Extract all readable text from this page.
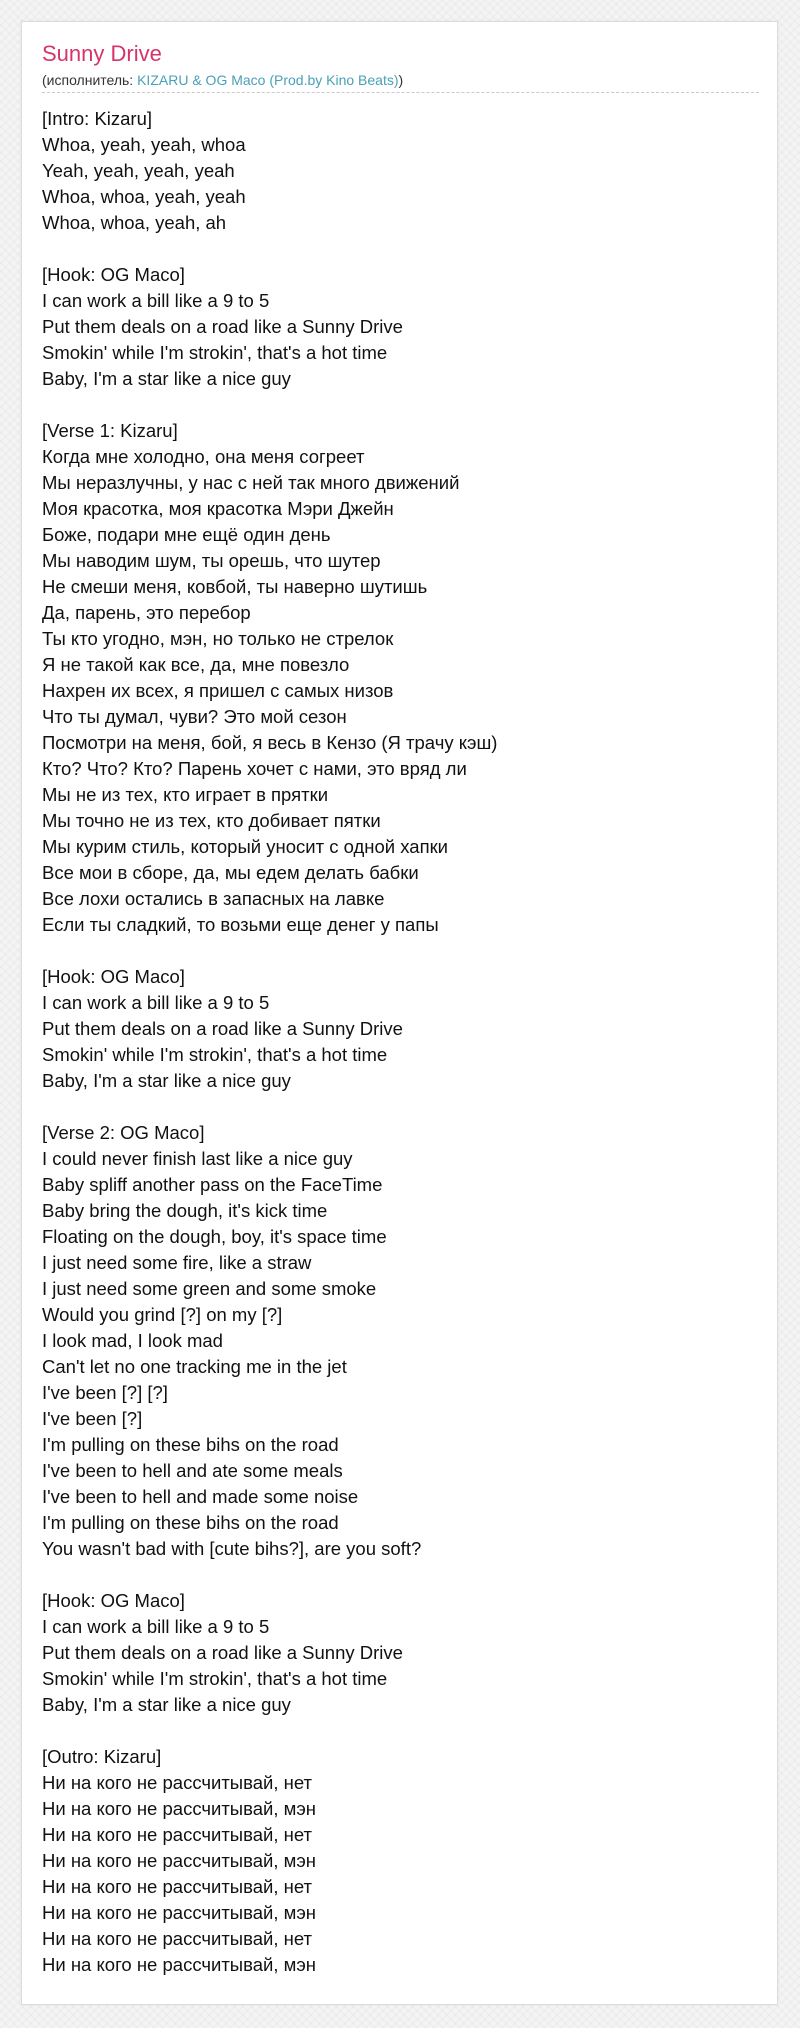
Sunny Drive
(исполнитель: KIZARU & OG Maco (Prod.by Kino Beats))
[Intro: Kizaru]
Whoa, yeah, yeah, whoa
Yeah, yeah, yeah, yeah
Whoa, whoa, yeah, yeah
Whoa, whoa, yeah, ah
[Hook: OG Maco]
I can work a bill like a 9 to 5
Put them deals on a road like a Sunny Drive
Smokin' while I'm strokin', that's a hot time
Baby, I'm a star like a nice guy
[Verse 1: Kizaru]
Когда мне холодно, она меня согреет
Мы неразлучны, у нас с ней так много движений
Моя красотка, моя красотка Мэри Джейн
Боже, подари мне ещё один день
Мы наводим шум, ты орешь, что шутер
Не смеши меня, ковбой, ты наверно шутишь
Да, парень, это перебор
Ты кто угодно, мэн, но только не стрелок
Я не такой как все, да, мне повезло
Нахрен их всех, я пришел с самых низов
Что ты думал, чуви? Это мой сезон
Посмотри на меня, бой, я весь в Кензо (Я трачу кэш)
Кто? Что? Кто? Парень хочет с нами, это вряд ли
Мы не из тех, кто играет в прятки
Мы точно не из тех, кто добивает пятки
Мы курим стиль, который уносит с одной хапки
Все мои в сборе, да, мы едем делать бабки
Все лохи остались в запасных на лавке
Если ты сладкий, то возьми еще денег у папы
[Hook: OG Maco]
I can work a bill like a 9 to 5
Put them deals on a road like a Sunny Drive
Smokin' while I'm strokin', that's a hot time
Baby, I'm a star like a nice guy
[Verse 2: OG Maco]
I could never finish last like a nice guy
Baby spliff another pass on the FaceTime
Baby bring the dough, it's kick time
Floating on the dough, boy, it's space time
I just need some fire, like a straw
I just need some green and some smoke
Would you grind [?] on my [?]
I look mad, I look mad
Can't let no one tracking me in the jet
I've been [?] [?]
I've been [?]
I'm pulling on these bihs on the road
I've been to hell and ate some meals
I've been to hell and made some noise
I'm pulling on these bihs on the road
You wasn't bad with [cute bihs?], are you soft?
[Hook: OG Maco]
I can work a bill like a 9 to 5
Put them deals on a road like a Sunny Drive
Smokin' while I'm strokin', that's a hot time
Baby, I'm a star like a nice guy
[Outro: Kizaru]
Ни на кого не рассчитывай, нет
Ни на кого не рассчитывай, мэн
Ни на кого не рассчитывай, нет
Ни на кого не рассчитывай, мэн
Ни на кого не рассчитывай, нет
Ни на кого не рассчитывай, мэн
Ни на кого не рассчитывай, нет
Ни на кого не рассчитывай, мэн
